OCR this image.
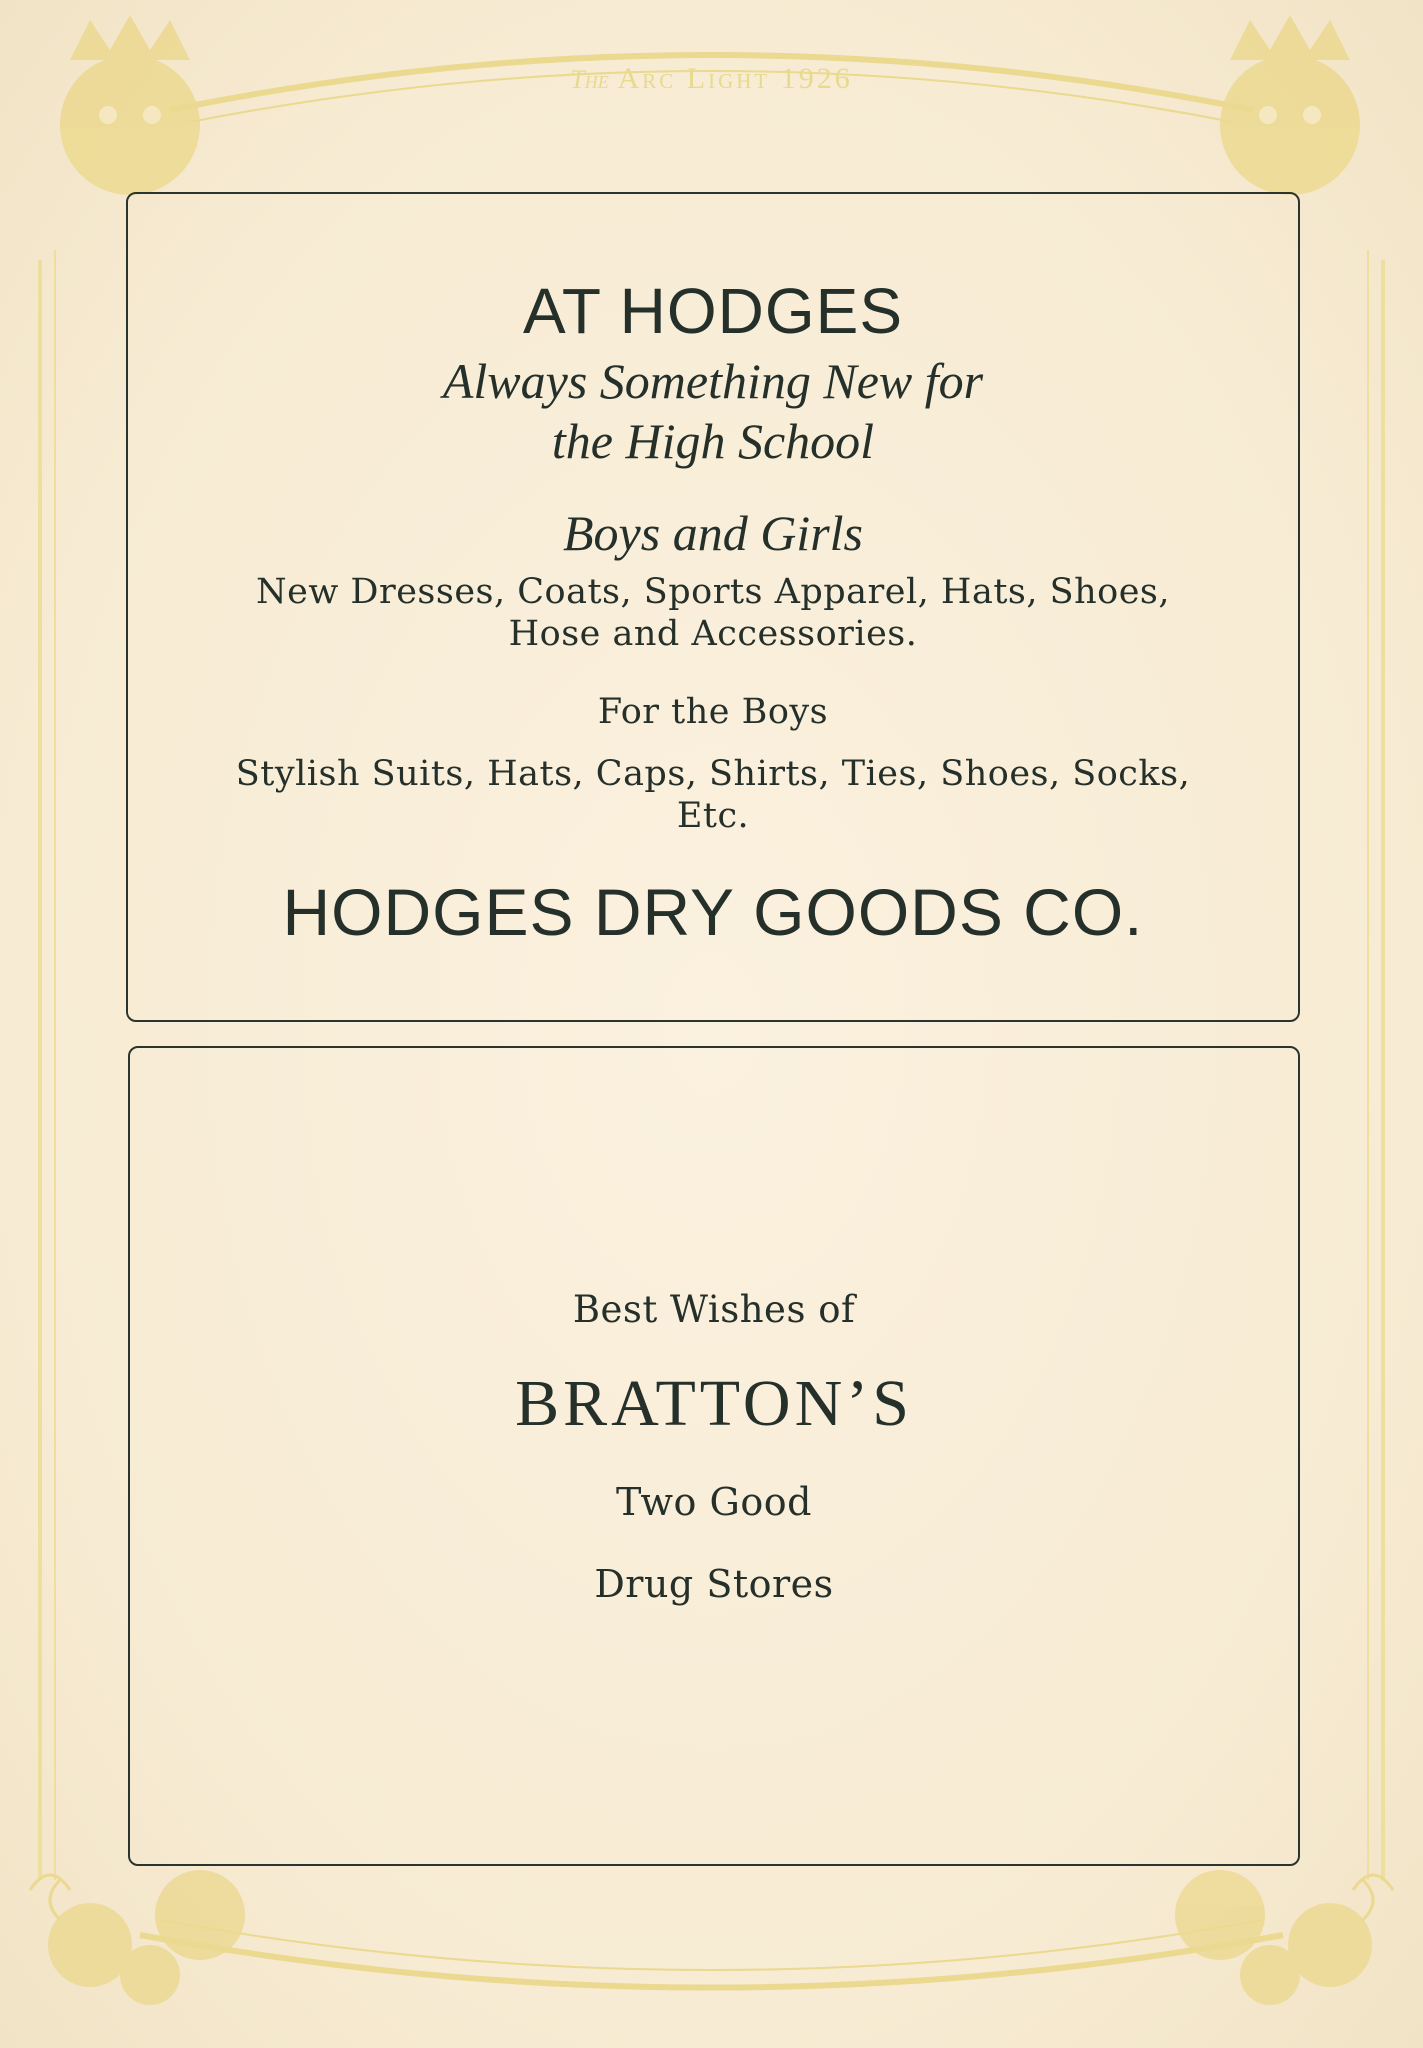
The Arc Light 1926
AT HODGES
Always Something New for
the High School
Boys and Girls
New Dresses, Coats, Sports Apparel, Hats, Shoes,
Hose and Accessories.
For the Boys
Stylish Suits, Hats, Caps, Shirts, Ties, Shoes, Socks,
Etc.
HODGES DRY GOODS CO.
Best Wishes of
BRATTON’S
Two Good
Drug Stores
